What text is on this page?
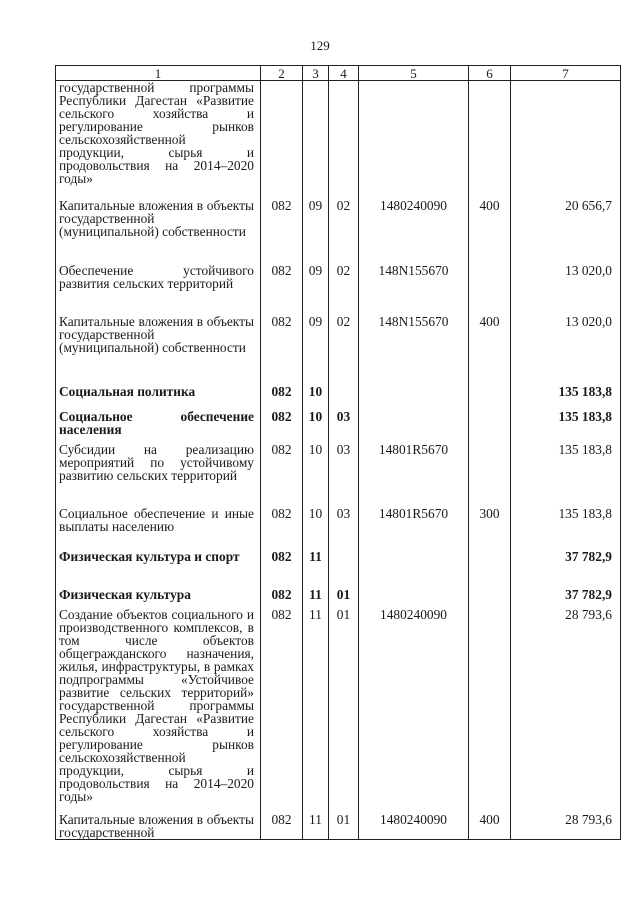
129
1	2	3	4	5	6	7
государственной программы Республики Дагестан «Развитие сельского хозяйства и регулирование рынков сельскохозяйственной продукции, сырья и продовольствия на 2014–2020 годы»						
Капитальные вложения в объекты государственной (муниципальной) собственности	082	09	02	1480240090	400	20 656,7
Обеспечение устойчивого развития сельских территорий	082	09	02	148N155670		13 020,0
Капитальные вложения в объекты государственной (муниципальной) собственности	082	09	02	148N155670	400	13 020,0
Социальная политика	082	10				135 183,8
Социальное обеспечение населения	082	10	03			135 183,8
Субсидии на реализацию мероприятий по устойчивому развитию сельских территорий	082	10	03	14801R5670		135 183,8
Социальное обеспечение и иные выплаты населению	082	10	03	14801R5670	300	135 183,8
Физическая культура и спорт	082	11				37 782,9
Физическая культура	082	11	01			37 782,9
Создание объектов социального и производственного комплексов, в том числе объектов общегражданского назначения, жилья, инфраструктуры, в рамках подпрограммы «Устойчивое развитие сельских территорий» государственной программы Республики Дагестан «Развитие сельского хозяйства и регулирование рынков сельскохозяйственной продукции, сырья и продовольствия на 2014–2020 годы»	082	11	01	1480240090		28 793,6
Капитальные вложения в объекты государственной	082	11	01	1480240090	400	28 793,6
